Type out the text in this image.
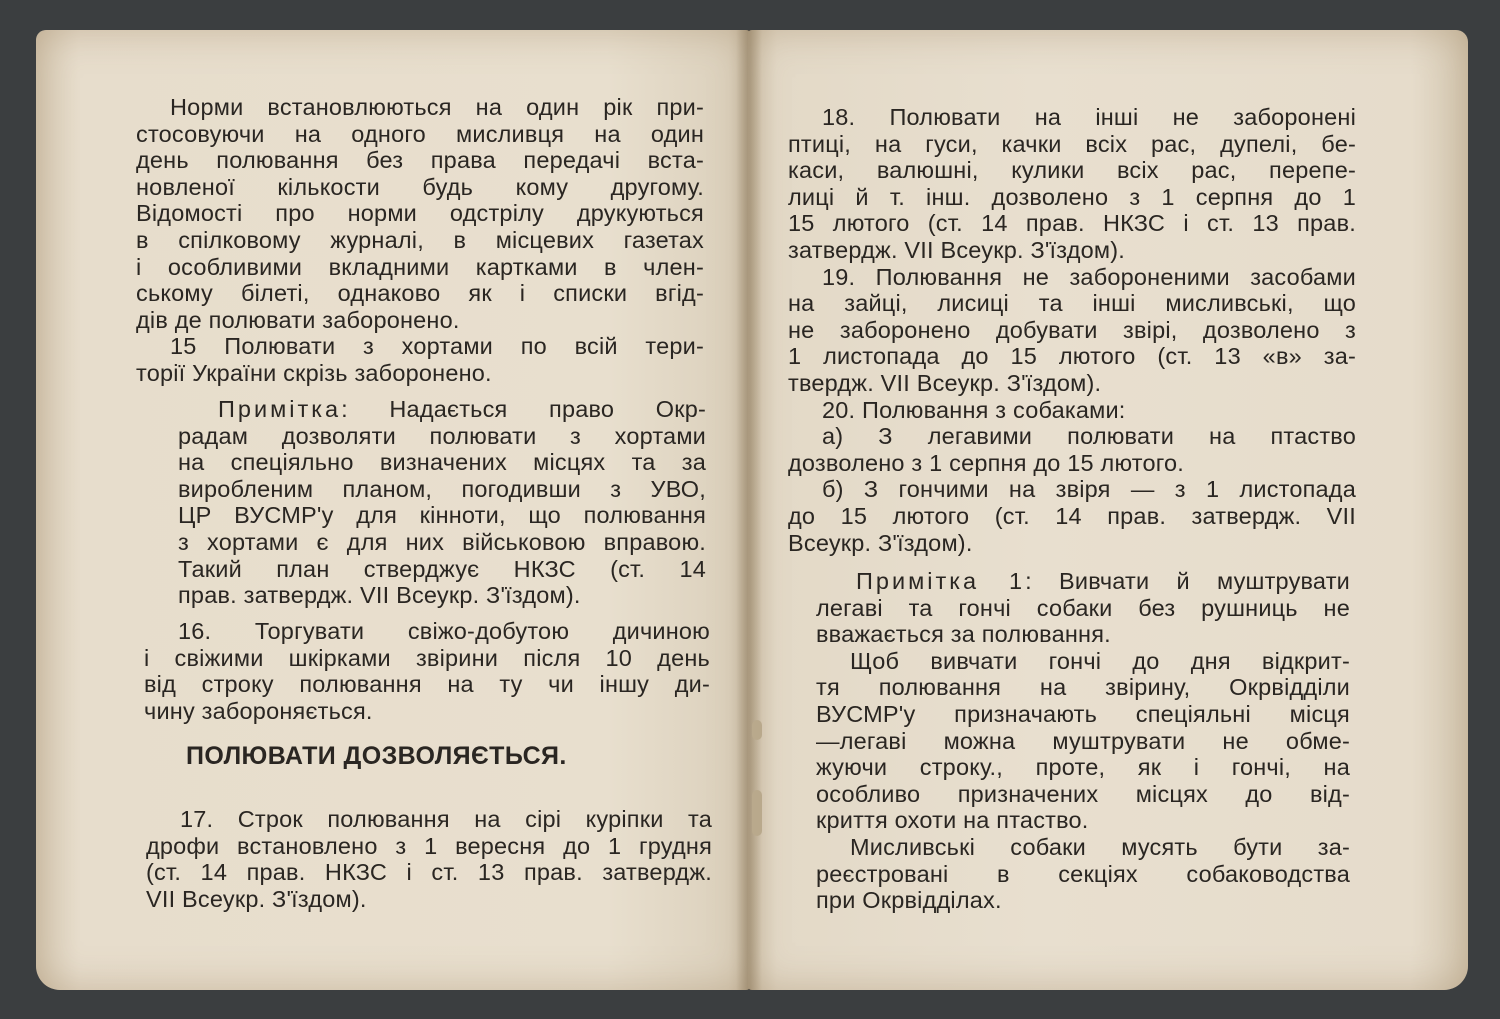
Норми встановлюються на один рік при-
стосовуючи на одного мисливця на один
день полювання без права передачі вста-
новленої кількости будь кому другому.
Відомості про норми одстрілу друкуються
в спілковому журналі, в місцевих газетах
і особливими вкладними картками в член-
ському білеті, однаково як і списки вгід-
дів де полювати заборонено.

15 Полювати з хортами по всій тери-
торії України скрізь заборонено.

Примітка: Надається право Окр-
радам дозволяти полювати з хортами
на спеціяльно визначених місцях та за
виробленим планом, погодивши з УВО,
ЦР ВУСМР'у для кінноти, що полювання
з хортами є для них військовою вправою.
Такий план стверджує НКЗС (ст. 14
прав. затвердж. VII Всеукр. З'їздом).

16. Торгувати свіжо-добутою дичиною
і свіжими шкірками звірини після 10 день
від строку полювання на ту чи іншу ди-
чину забороняється.

ПОЛЮВАТИ ДОЗВОЛЯЄТЬСЯ.

17. Строк полювання на сірі курiпки та
дрофи встановлено з 1 вересня до 1 грудня
(ст. 14 прав. НКЗС і ст. 13 прав. затвердж.
VII Всеукр. З'їздом).

18. Полювати на інші не заборонені
птиці, на гуси, качки всіх рас, дупелі, бе-
каси, валюшні, кулики всіх рас, перепе-
лиці й т. інш. дозволено з 1 серпня до 1
15 лютого (ст. 14 прав. НКЗС і ст. 13 прав.
затвердж. VII Всеукр. З'їздом).

19. Полювання не забороненими засобами
на зайці, лисиці та інші мисливські, що
не заборонено добувати звірі, дозволено з
1 листопада до 15 лютого (ст. 13 «в» за-
твердж. VII Всеукр. З'їздом).

20. Полювання з собаками:

а) З легавими полювати на птаство
дозволено з 1 серпня до 15 лютого.

б) З гончими на звіря — з 1 листопада
до 15 лютого (ст. 14 прав. затвердж. VII
Всеукр. З'їздом).

Примітка 1: Вивчати й муштрувати
легаві та гончі собаки без рушниць не
вважається за полювання.

Щоб вивчати гончі до дня відкрит-
тя полювання на звірину, Окрвідділи
ВУСМР'у призначають спеціяльні місця
—легаві можна муштрувати не обме-
жуючи строку., проте, як і гончі, на
особливо призначених місцях до від-
криття охоти на птаство.

Мисливські собаки мусять бути за-
реєстровані в секціях собаководства
при Окрвідділах.
